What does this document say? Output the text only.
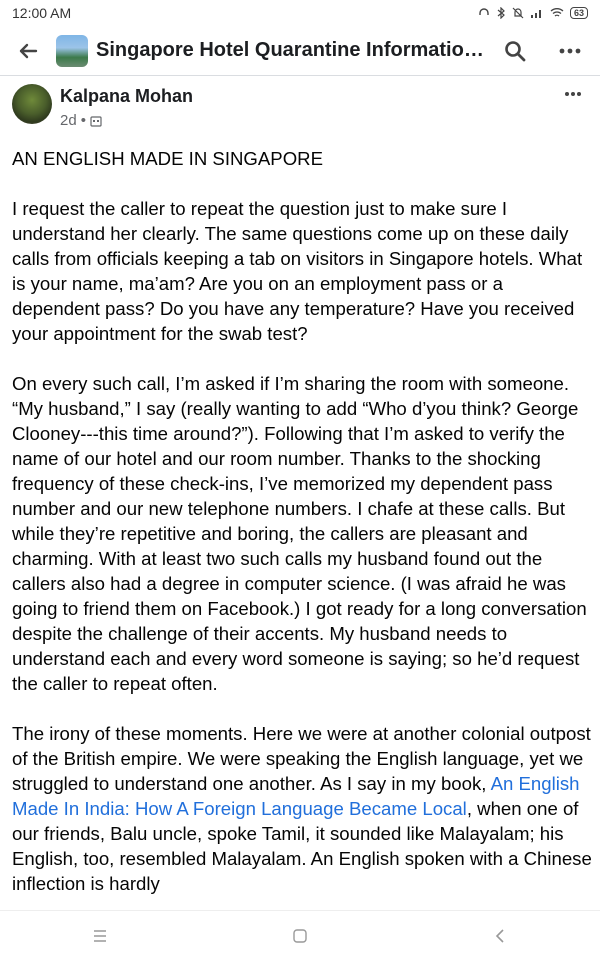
12:00 AM	63
Singapore Hotel Quarantine Informatio…
Kalpana Mohan
2d •

AN ENGLISH MADE IN SINGAPORE

I request the caller to repeat the question just to make sure I understand her clearly. The same questions come up on these daily calls from officials keeping a tab on visitors in Singapore hotels. What is your name, ma’am? Are you on an employment pass or a dependent pass? Do you have any temperature? Have you received your appointment for the swab test?

On every such call, I’m asked if I’m sharing the room with someone. “My husband,” I say (really wanting to add “Who d’you think? George Clooney---this time around?”). Following that I’m asked to verify the name of our hotel and our room number. Thanks to the shocking frequency of these check-ins, I’ve memorized my dependent pass number and our new telephone numbers. I chafe at these calls. But while they’re repetitive and boring, the callers are pleasant and charming. With at least two such calls my husband found out the callers also had a degree in computer science. (I was afraid he was going to friend them on Facebook.) I got ready for a long conversation despite the challenge of their accents. My husband needs to understand each and every word someone is saying; so he’d request the caller to repeat often.

The irony of these moments. Here we were at another colonial outpost of the British empire. We were speaking the English language, yet we struggled to understand one another. As I say in my book, An English Made In India: How A Foreign Language Became Local, when one of our friends, Balu uncle, spoke Tamil, it sounded like Malayalam; his English, too, resembled Malayalam. An English spoken with a Chinese inflection is hardly
